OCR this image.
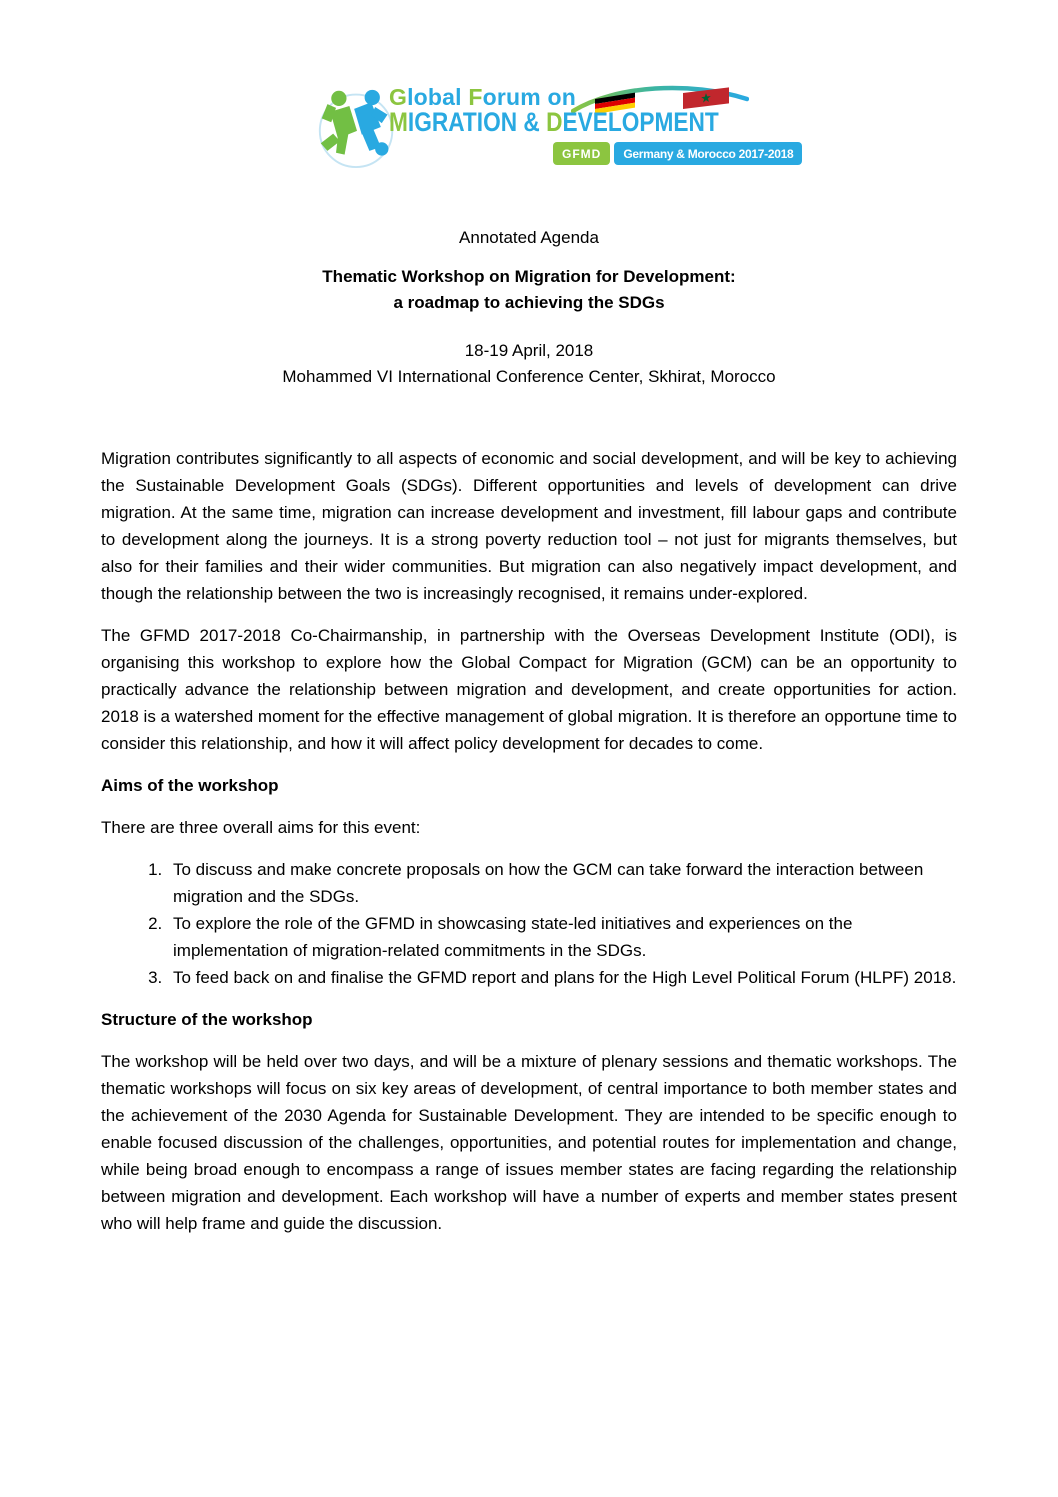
Global Forum on
MIGRATION & DEVELOPMENT
GFMD	Germany & Morocco 2017-2018

Annotated Agenda

Thematic Workshop on Migration for Development:

a roadmap to achieving the SDGs

18-19 April, 2018

Mohammed VI International Conference Center, Skhirat, Morocco

Migration contributes significantly to all aspects of economic and social development, and will be key to achieving the Sustainable Development Goals (SDGs). Different opportunities and levels of development can drive migration. At the same time, migration can increase development and investment, fill labour gaps and contribute to development along the journeys. It is a strong poverty reduction tool – not just for migrants themselves, but also for their families and their wider communities. But migration can also negatively impact development, and though the relationship between the two is increasingly recognised, it remains under-explored.

The GFMD 2017-2018 Co-Chairmanship, in partnership with the Overseas Development Institute (ODI), is organising this workshop to explore how the Global Compact for Migration (GCM) can be an opportunity to practically advance the relationship between migration and development, and create opportunities for action. 2018 is a watershed moment for the effective management of global migration. It is therefore an opportune time to consider this relationship, and how it will affect policy development for decades to come.

Aims of the workshop

There are three overall aims for this event:

1. To discuss and make concrete proposals on how the GCM can take forward the interaction between migration and the SDGs.
2. To explore the role of the GFMD in showcasing state-led initiatives and experiences on the implementation of migration-related commitments in the SDGs.
3. To feed back on and finalise the GFMD report and plans for the High Level Political Forum (HLPF) 2018.
Structure of the workshop

The workshop will be held over two days, and will be a mixture of plenary sessions and thematic workshops. The thematic workshops will focus on six key areas of development, of central importance to both member states and the achievement of the 2030 Agenda for Sustainable Development. They are intended to be specific enough to enable focused discussion of the challenges, opportunities, and potential routes for implementation and change, while being broad enough to encompass a range of issues member states are facing regarding the relationship between migration and development. Each workshop will have a number of experts and member states present who will help frame and guide the discussion.
